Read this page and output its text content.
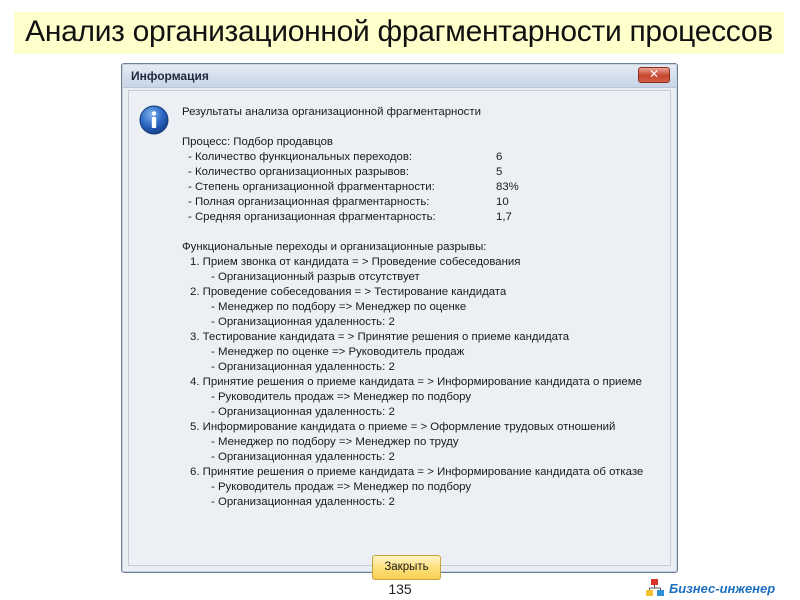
Анализ организационной фрагментарности процессов
Информация	✕
Результаты анализа организационной фрагментарности
Процесс: Подбор продавцов
- Количество функциональных переходов:	6
- Количество организационных разрывов:	5
- Степень организационной фрагментарности:	83%
- Полная организационная фрагментарность:	10
- Средняя организационная фрагментарность:	1,7
Функциональные переходы и организационные разрывы:
1. Прием звонка от кандидата = > Проведение собеседования
- Организационный разрыв отсутствует
2. Проведение собеседования = > Тестирование кандидата
- Менеджер по подбору => Менеджер по оценке
- Организационная удаленность: 2
3. Тестирование кандидата = > Принятие решения о приеме кандидата
- Менеджер по оценке => Руководитель продаж
- Организационная удаленность: 2
4. Принятие решения о приеме кандидата = > Информирование кандидата о приеме
- Руководитель продаж => Менеджер по подбору
- Организационная удаленность: 2
5. Информирование кандидата о приеме = > Оформление трудовых отношений
- Менеджер по подбору => Менеджер по труду
- Организационная удаленность: 2
6. Принятие решения о приеме кандидата = > Информирование кандидата об отказе
- Руководитель продаж => Менеджер по подбору
- Организационная удаленность: 2
Закрыть
135	Бизнес-инженер
